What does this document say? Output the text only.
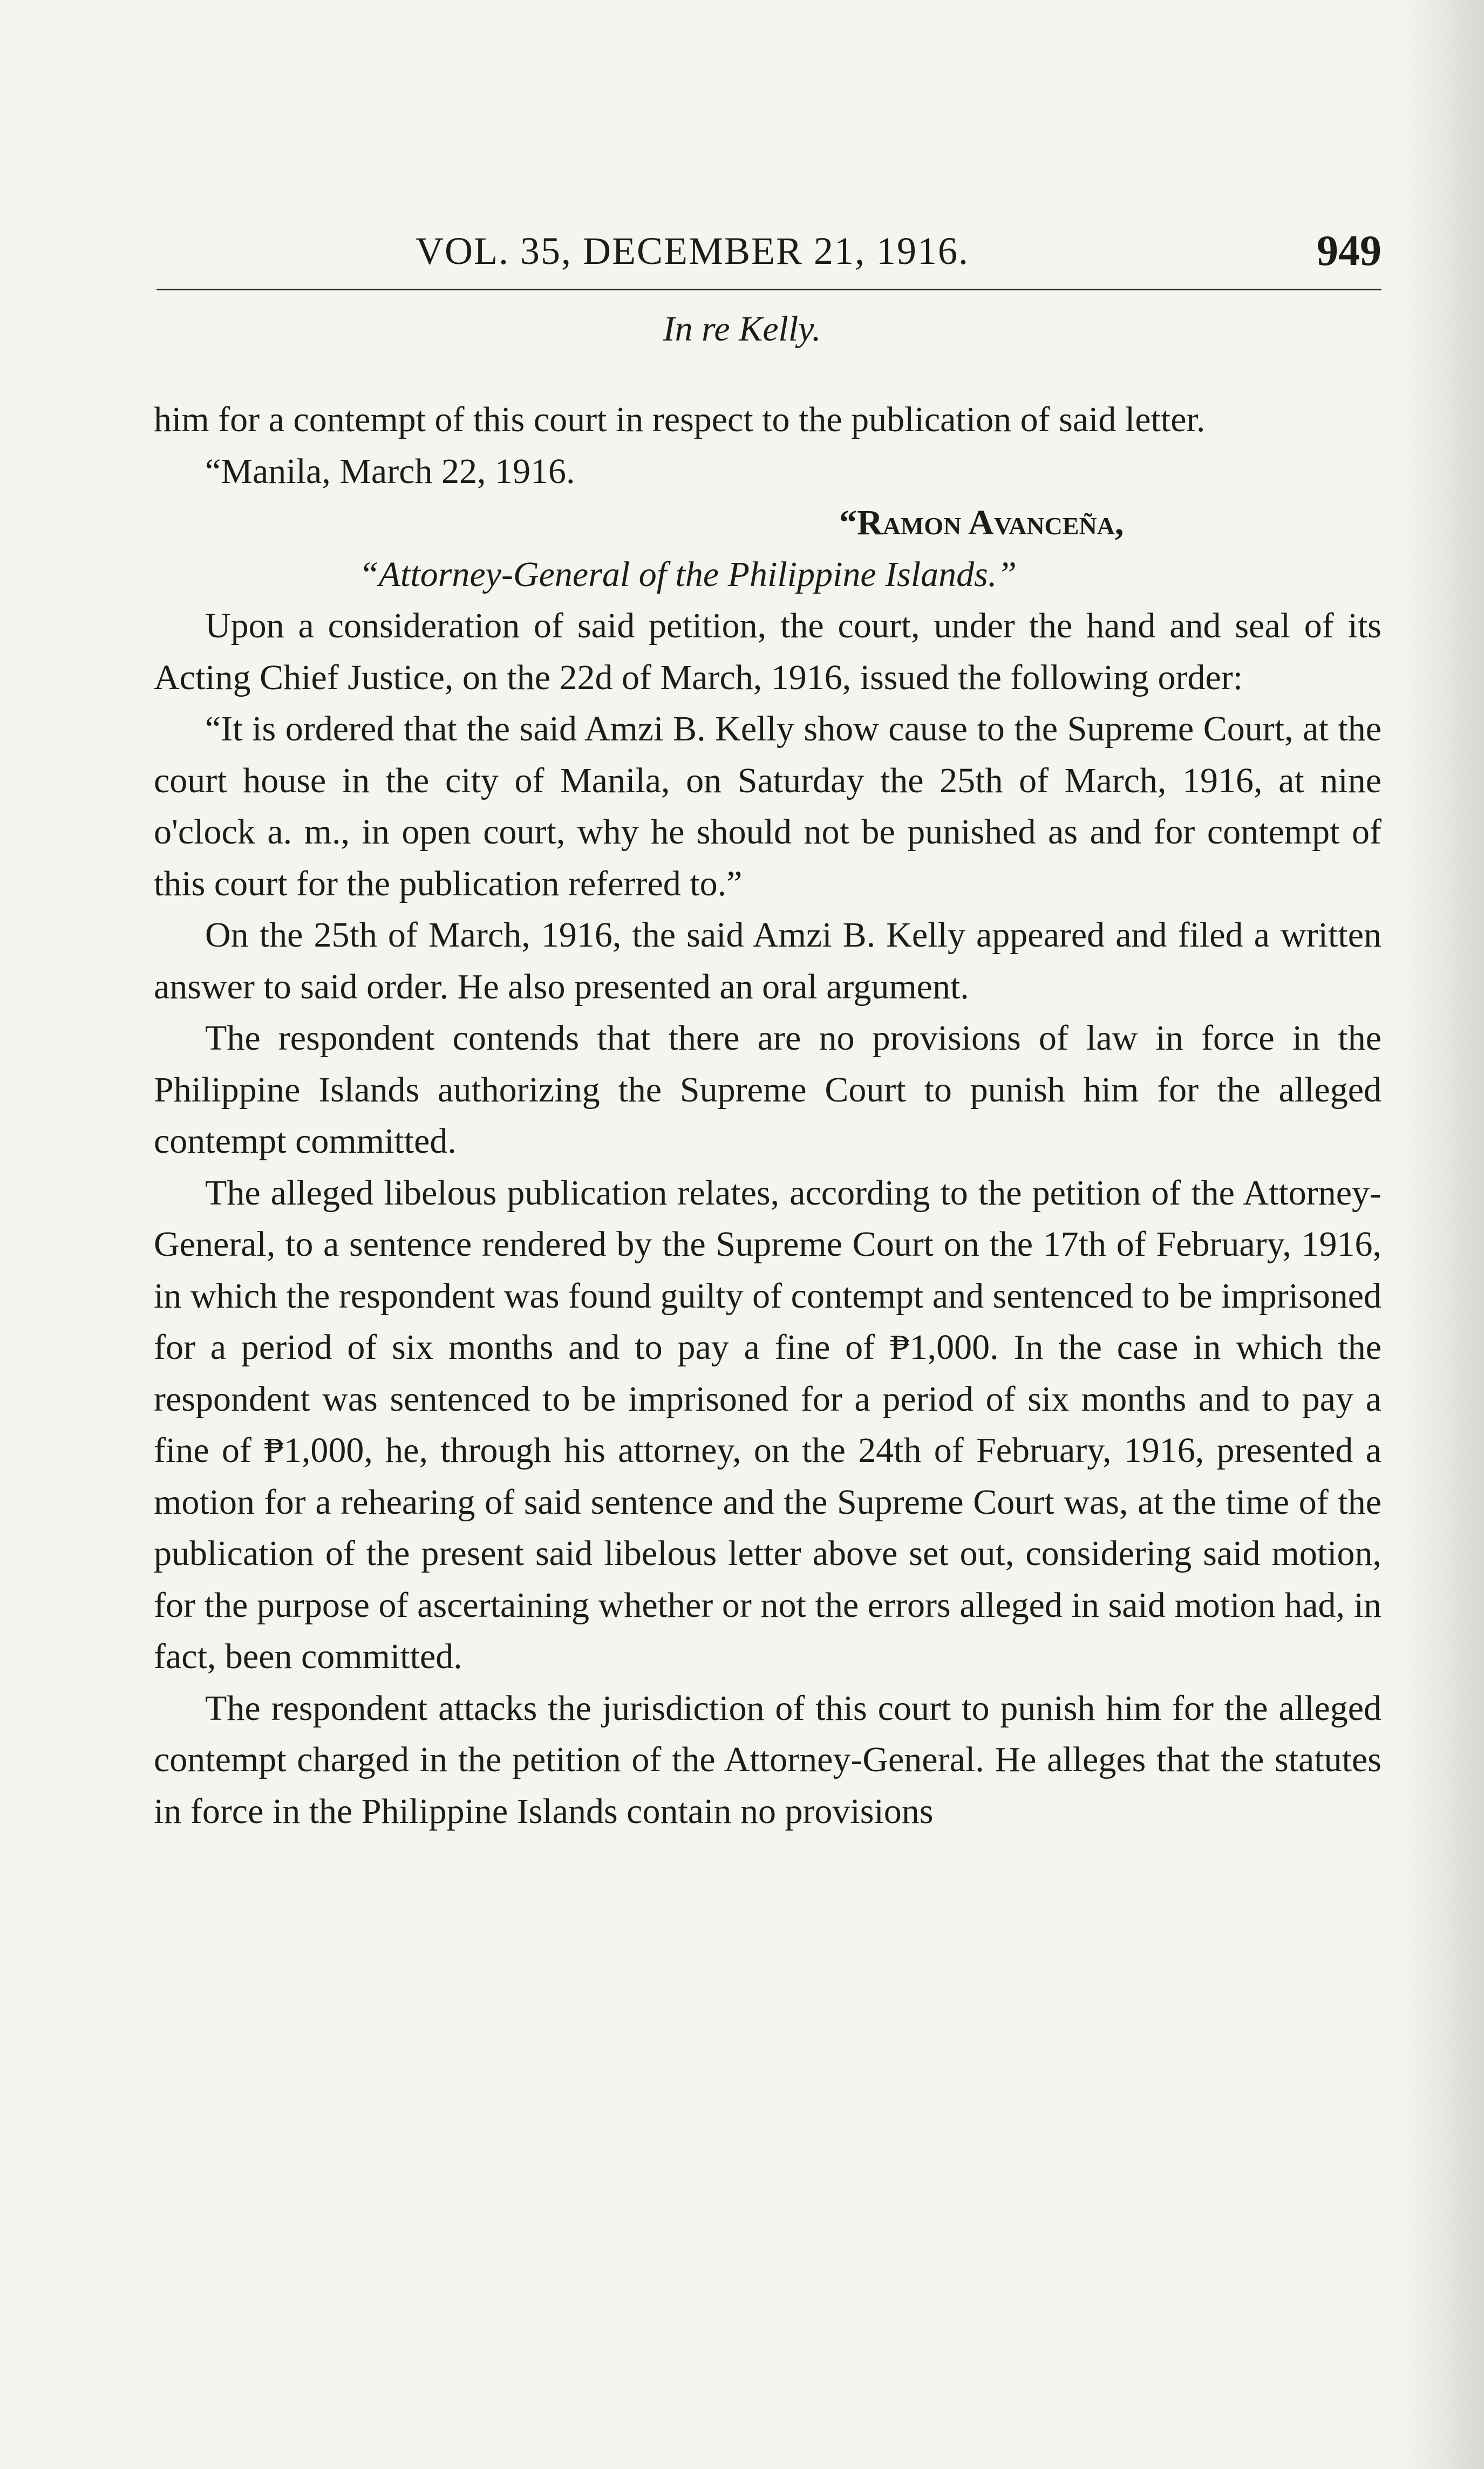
VOL. 35, DECEMBER 21, 1916.	949
In re Kelly.

him for a contempt of this court in respect to the publication of said letter.

“Manila, March 22, 1916.

“Ramon Avanceña,

“Attorney-General of the Philippine Islands.”

Upon a consideration of said petition, the court, under the hand and seal of its Acting Chief Justice, on the 22d of March, 1916, issued the following order:

“It is ordered that the said Amzi B. Kelly show cause to the Supreme Court, at the court house in the city of Manila, on Saturday the 25th of March, 1916, at nine o'clock a. m., in open court, why he should not be punished as and for contempt of this court for the publication referred to.”

On the 25th of March, 1916, the said Amzi B. Kelly appeared and filed a written answer to said order. He also presented an oral argument.

The respondent contends that there are no provisions of law in force in the Philippine Islands authorizing the Supreme Court to punish him for the alleged contempt committed.

The alleged libelous publication relates, according to the petition of the Attorney-General, to a sentence rendered by the Supreme Court on the 17th of February, 1916, in which the respondent was found guilty of contempt and sentenced to be imprisoned for a period of six months and to pay a fine of ₱1,000. In the case in which the respondent was sentenced to be imprisoned for a period of six months and to pay a fine of ₱1,000, he, through his attorney, on the 24th of February, 1916, presented a motion for a rehearing of said sentence and the Supreme Court was, at the time of the publication of the present said libelous letter above set out, considering said motion, for the purpose of ascertaining whether or not the errors alleged in said motion had, in fact, been committed.

The respondent attacks the jurisdiction of this court to punish him for the alleged contempt charged in the petition of the Attorney-General. He alleges that the statutes in force in the Philippine Islands contain no provisions
